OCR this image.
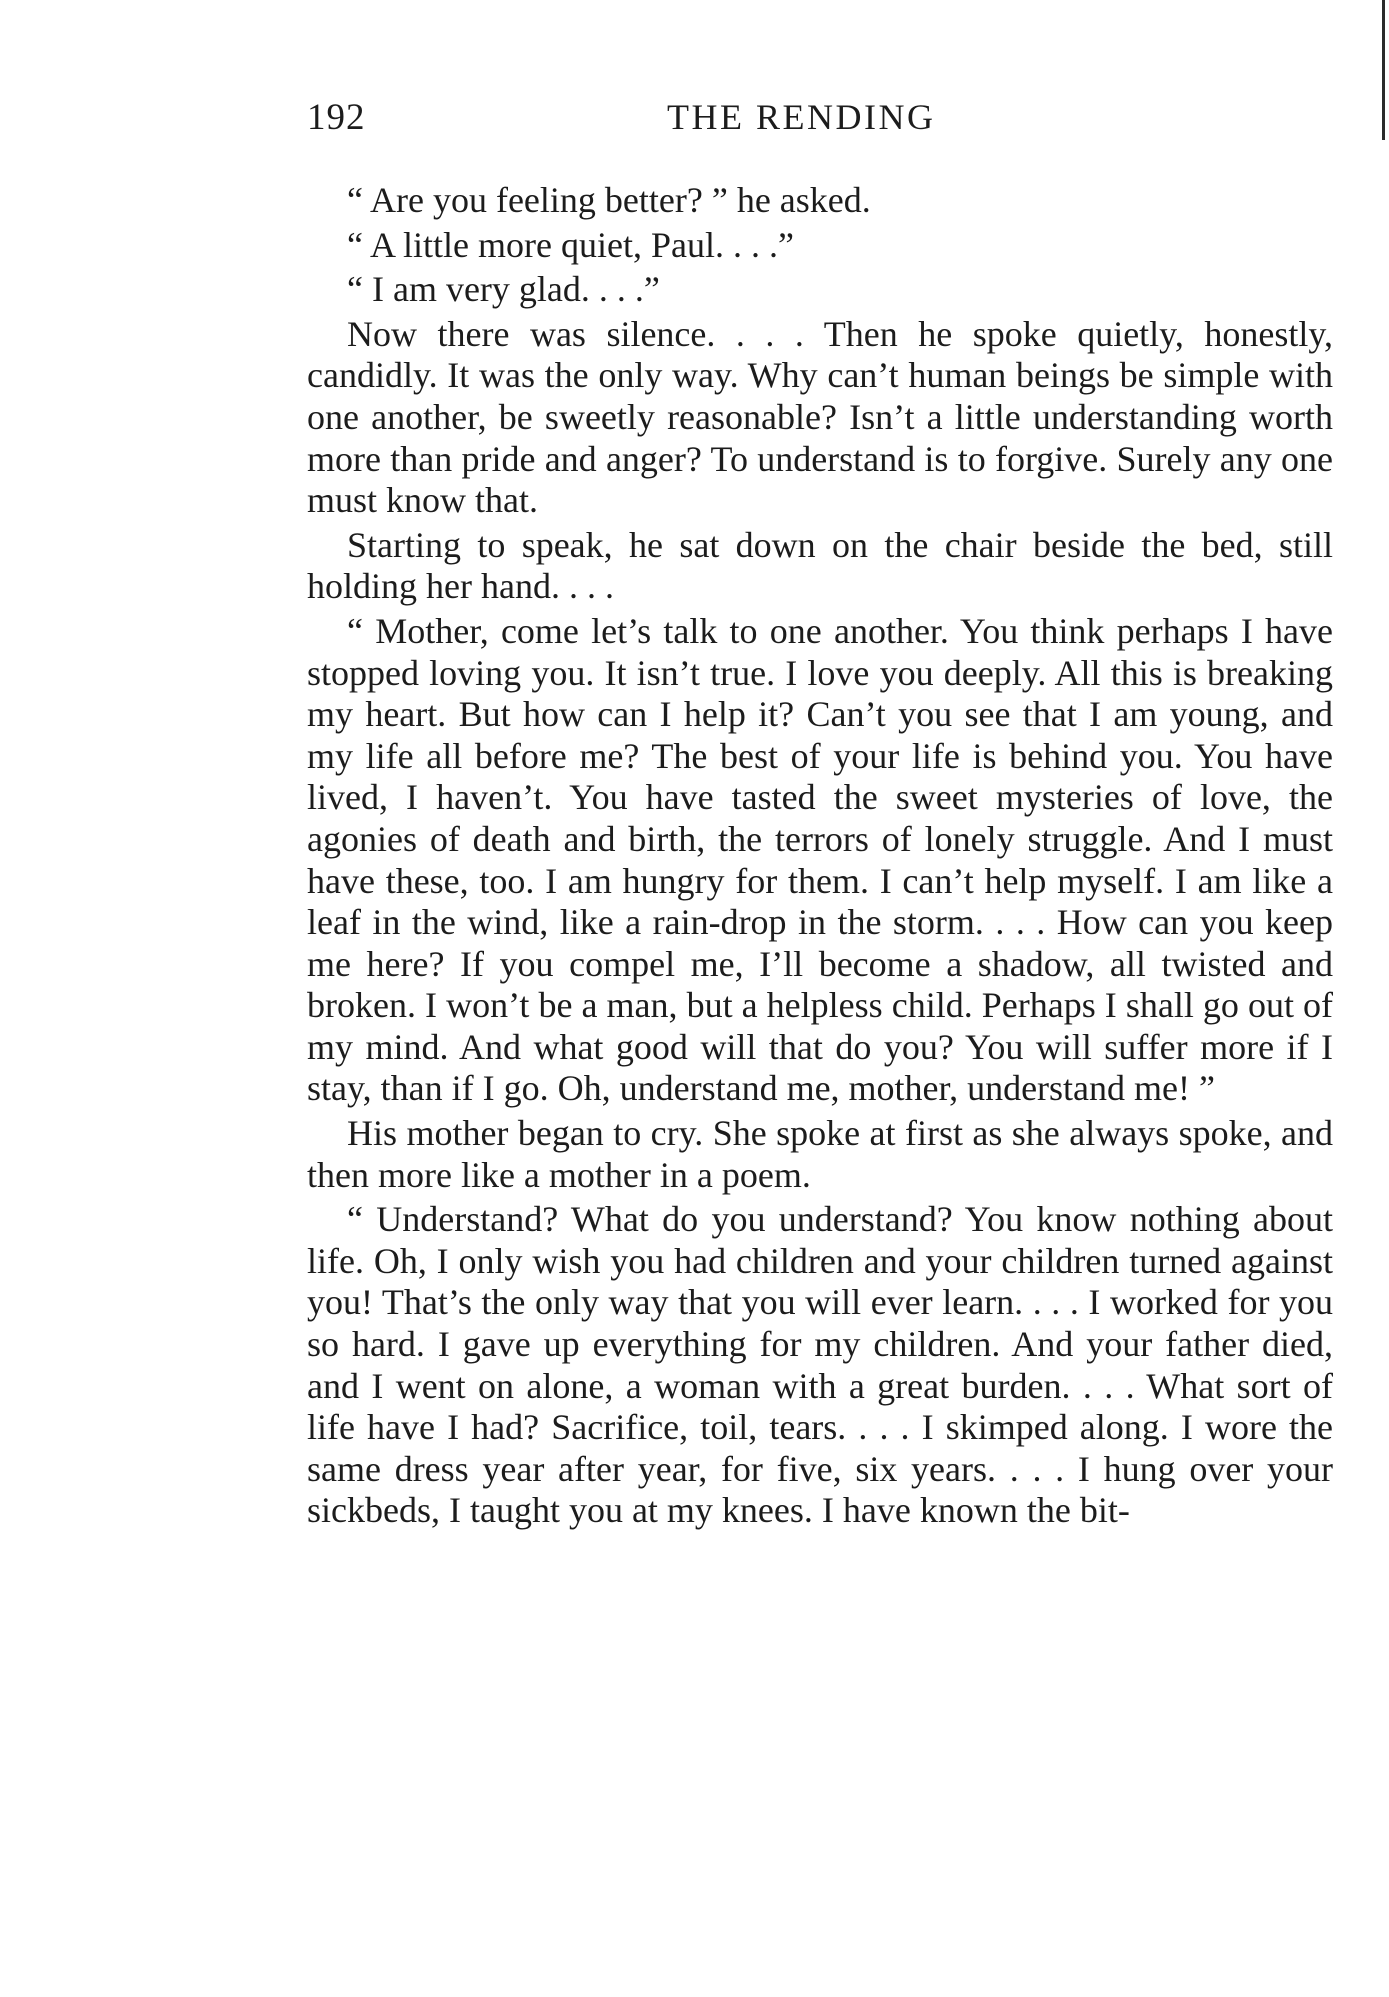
192	THE RENDING

“ Are you feeling better? ” he asked.

“ A little more quiet, Paul. . . .”

“ I am very glad. . . .”

Now there was silence. . . . Then he spoke quietly, honestly, candidly. It was the only way. Why can’t human beings be simple with one another, be sweetly reasonable? Isn’t a little understanding worth more than pride and anger? To understand is to forgive. Surely any one must know that.

Starting to speak, he sat down on the chair beside the bed, still holding her hand. . . .

“ Mother, come let’s talk to one another. You think perhaps I have stopped loving you. It isn’t true. I love you deeply. All this is breaking my heart. But how can I help it? Can’t you see that I am young, and my life all before me? The best of your life is behind you. You have lived, I haven’t. You have tasted the sweet mysteries of love, the agonies of death and birth, the terrors of lonely struggle. And I must have these, too. I am hungry for them. I can’t help myself. I am like a leaf in the wind, like a rain-drop in the storm. . . . How can you keep me here? If you compel me, I’ll become a shadow, all twisted and broken. I won’t be a man, but a helpless child. Perhaps I shall go out of my mind. And what good will that do you? You will suffer more if I stay, than if I go. Oh, understand me, mother, understand me! ”

His mother began to cry. She spoke at first as she always spoke, and then more like a mother in a poem.

“ Understand? What do you understand? You know nothing about life. Oh, I only wish you had children and your children turned against you! That’s the only way that you will ever learn. . . . I worked for you so hard. I gave up everything for my children. And your father died, and I went on alone, a woman with a great burden. . . . What sort of life have I had? Sacrifice, toil, tears. . . . I skimped along. I wore the same dress year after year, for five, six years. . . . I hung over your sickbeds, I taught you at my knees. I have known the bit-
